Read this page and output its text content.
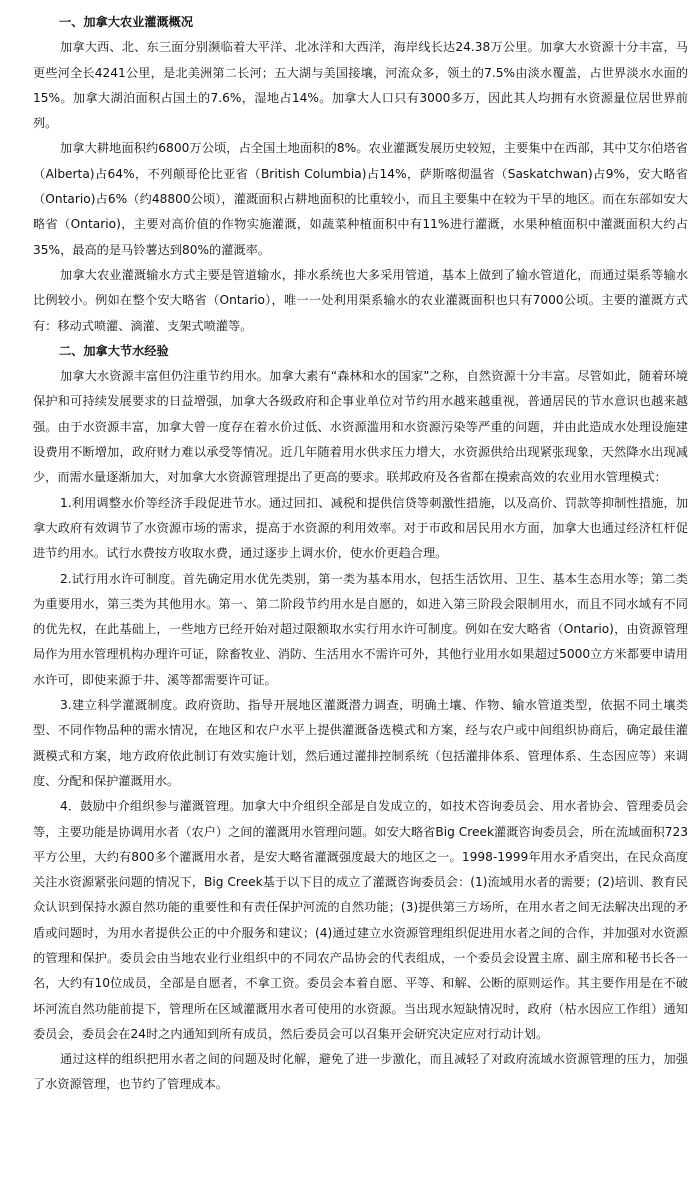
一、加拿大农业灌溉概况

加拿大西、北、东三面分别濒临着大平洋、北冰洋和大西洋，海岸线长达24.38万公里。加拿大水资源十分丰富，马更些河全长4241公里，是北美洲第二长河；五大湖与美国接壤，河流众多，领土的7.5%由淡水覆盖，占世界淡水水面的15%。加拿大湖泊面积占国土的7.6%，湿地占14%。加拿大人口只有3000多万，因此其人均拥有水资源量位居世界前列。

加拿大耕地面积约6800万公顷，占全国土地面积的8%。农业灌溉发展历史较短，主要集中在西部，其中艾尔伯塔省（Alberta)占64%，不列颠哥伦比亚省（British Columbia)占14%，萨斯喀彻温省（Saskatchwan)占9%，安大略省（Ontario)占6%（约48800公顷），灌溉面积占耕地面积的比重较小，而且主要集中在较为干旱的地区。而在东部如安大略省（Ontario)，主要对高价值的作物实施灌溉，如蔬菜种植面积中有11%进行灌溉，水果种植面积中灌溉面积大约占35%，最高的是马铃薯达到80%的灌溉率。

加拿大农业灌溉输水方式主要是管道输水，排水系统也大多采用管道，基本上做到了输水管道化，而通过渠系等输水比例较小。例如在整个安大略省（Ontario），唯一一处利用渠系输水的农业灌溉面积也只有7000公顷。主要的灌溉方式有：移动式喷灌、滴灌、支架式喷灌等。

二、加拿大节水经验

加拿大水资源丰富但仍注重节约用水。加拿大素有“森林和水的国家”之称，自然资源十分丰富。尽管如此，随着环境保护和可持续发展要求的日益增强，加拿大各级政府和企事业单位对节约用水越来越重视，普通居民的节水意识也越来越强。由于水资源丰富，加拿大曾一度存在着水价过低、水资源滥用和水资源污染等严重的问题，并由此造成水处理设施建设费用不断增加，政府财力难以承受等情况。近几年随着用水供求压力增大，水资源供给出现紧张现象，天然降水出现减少，而需水量逐渐加大，对加拿大水资源管理提出了更高的要求。联邦政府及各省都在摸索高效的农业用水管理模式：

1.利用调整水价等经济手段促进节水。通过回扣、减税和提供信贷等刺激性措施，以及高价、罚款等抑制性措施，加拿大政府有效调节了水资源市场的需求，提高于水资源的利用效率。对于市政和居民用水方面，加拿大也通过经济杠杆促进节约用水。试行水费按方收取水费，通过逐步上调水价，使水价更趋合理。

2.试行用水许可制度。首先确定用水优先类别，第一类为基本用水，包括生活饮用、卫生、基本生态用水等；第二类为重要用水，第三类为其他用水。第一、第二阶段节约用水是自愿的，如进入第三阶段会限制用水，而且不同水域有不同的优先权，在此基础上，一些地方已经开始对超过限额取水实行用水许可制度。例如在安大略省（Ontario)，由资源管理局作为用水管理机构办理许可证，除畜牧业、消防、生活用水不需许可外，其他行业用水如果超过5000立方米都要申请用水许可，即使来源于井、溪等都需要许可证。

3.建立科学灌溉制度。政府资助、指导开展地区灌溉潜力调查，明确土壤、作物、输水管道类型，依据不同土壤类型、不同作物品种的需水情况，在地区和农户水平上提供灌溉备选模式和方案，经与农户或中间组织协商后，确定最佳灌溉模式和方案，地方政府依此制订有效实施计划，然后通过灌排控制系统（包括灌排体系、管理体系、生态因应等）来调度、分配和保护灌溉用水。

4．鼓励中介组织参与灌溉管理。加拿大中介组织全部是自发成立的，如技术咨询委员会、用水者协会、管理委员会等，主要功能是协调用水者（农户）之间的灌溉用水管理问题。如安大略省Big Creek灌溉咨询委员会，所在流域面积723平方公里，大约有800多个灌溉用水者，是安大略省灌溉强度最大的地区之一。1998-1999年用水矛盾突出，在民众高度关注水资源紧张问题的情况下，Big Creek基于以下目的成立了灌溉咨询委员会：(1)流域用水者的需要；(2)培训、教育民众认识到保持水源自然功能的重要性和有责任保护河流的自然功能；(3)提供第三方场所，在用水者之间无法解决出现的矛盾或问题时，为用水者提供公正的中介服务和建议；(4)通过建立水资源管理组织促进用水者之间的合作，并加强对水资源的管理和保护。委员会由当地农业行业组织中的不同农产品协会的代表组成，一个委员会设置主席、副主席和秘书长各一名，大约有10位成员，全部是自愿者，不拿工资。委员会本着自愿、平等、和解、公断的原则运作。其主要作用是在不破坏河流自然功能前提下，管理所在区域灌溉用水者可使用的水资源。当出现水短缺情况时，政府（枯水因应工作组）通知委员会，委员会在24时之内通知到所有成员，然后委员会可以召集开会研究决定应对行动计划。

通过这样的组织把用水者之间的问题及时化解，避免了进一步激化，而且减轻了对政府流域水资源管理的压力，加强了水资源管理，也节约了管理成本。
